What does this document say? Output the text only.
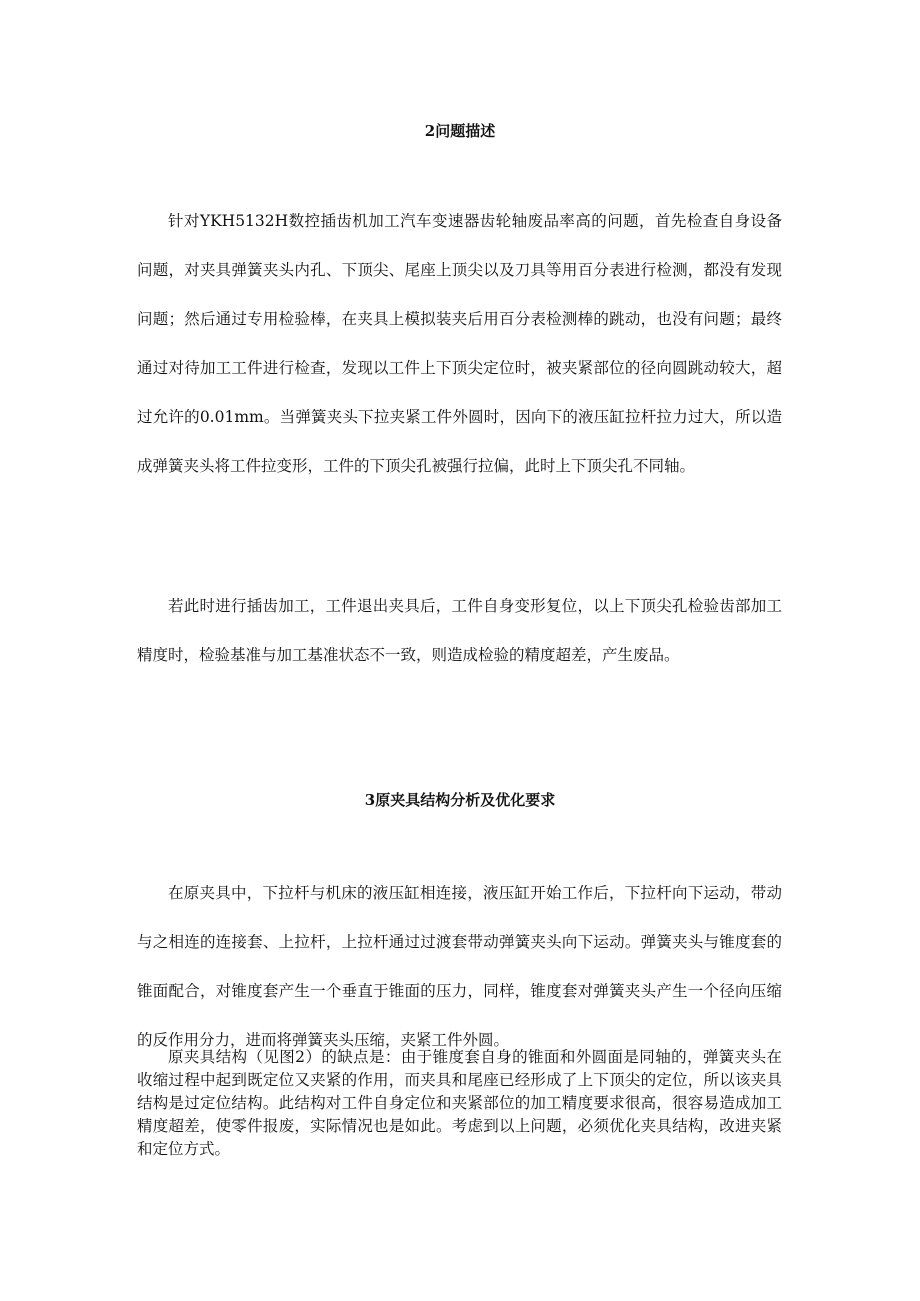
2问题描述

针对YKH5132H数控插齿机加工汽车变速器齿轮轴废品率高的问题，首先检查自身设备问题，对夹具弹簧夹头内孔、下顶尖、尾座上顶尖以及刀具等用百分表进行检测，都没有发现问题；然后通过专用检验棒，在夹具上模拟装夹后用百分表检测棒的跳动，也没有问题；最终通过对待加工工件进行检查，发现以工件上下顶尖定位时，被夹紧部位的径向圆跳动较大，超过允许的0.01mm。当弹簧夹头下拉夹紧工件外圆时，因向下的液压缸拉杆拉力过大，所以造成弹簧夹头将工件拉变形，工件的下顶尖孔被强行拉偏，此时上下顶尖孔不同轴。

若此时进行插齿加工，工件退出夹具后，工件自身变形复位，以上下顶尖孔检验齿部加工精度时，检验基准与加工基准状态不一致，则造成检验的精度超差，产生废品。

3原夹具结构分析及优化要求

在原夹具中，下拉杆与机床的液压缸相连接，液压缸开始工作后，下拉杆向下运动，带动与之相连的连接套、上拉杆，上拉杆通过过渡套带动弹簧夹头向下运动。弹簧夹头与锥度套的锥面配合，对锥度套产生一个垂直于锥面的压力，同样，锥度套对弹簧夹头产生一个径向压缩的反作用分力，进而将弹簧夹头压缩，夹紧工件外圆。

原夹具结构（见图2）的缺点是：由于锥度套自身的锥面和外圆面是同轴的，弹簧夹头在收缩过程中起到既定位又夹紧的作用，而夹具和尾座已经形成了上下顶尖的定位，所以该夹具结构是过定位结构。此结构对工件自身定位和夹紧部位的加工精度要求很高，很容易造成加工精度超差，使零件报废，实际情况也是如此。考虑到以上问题，必须优化夹具结构，改进夹紧和定位方式。
